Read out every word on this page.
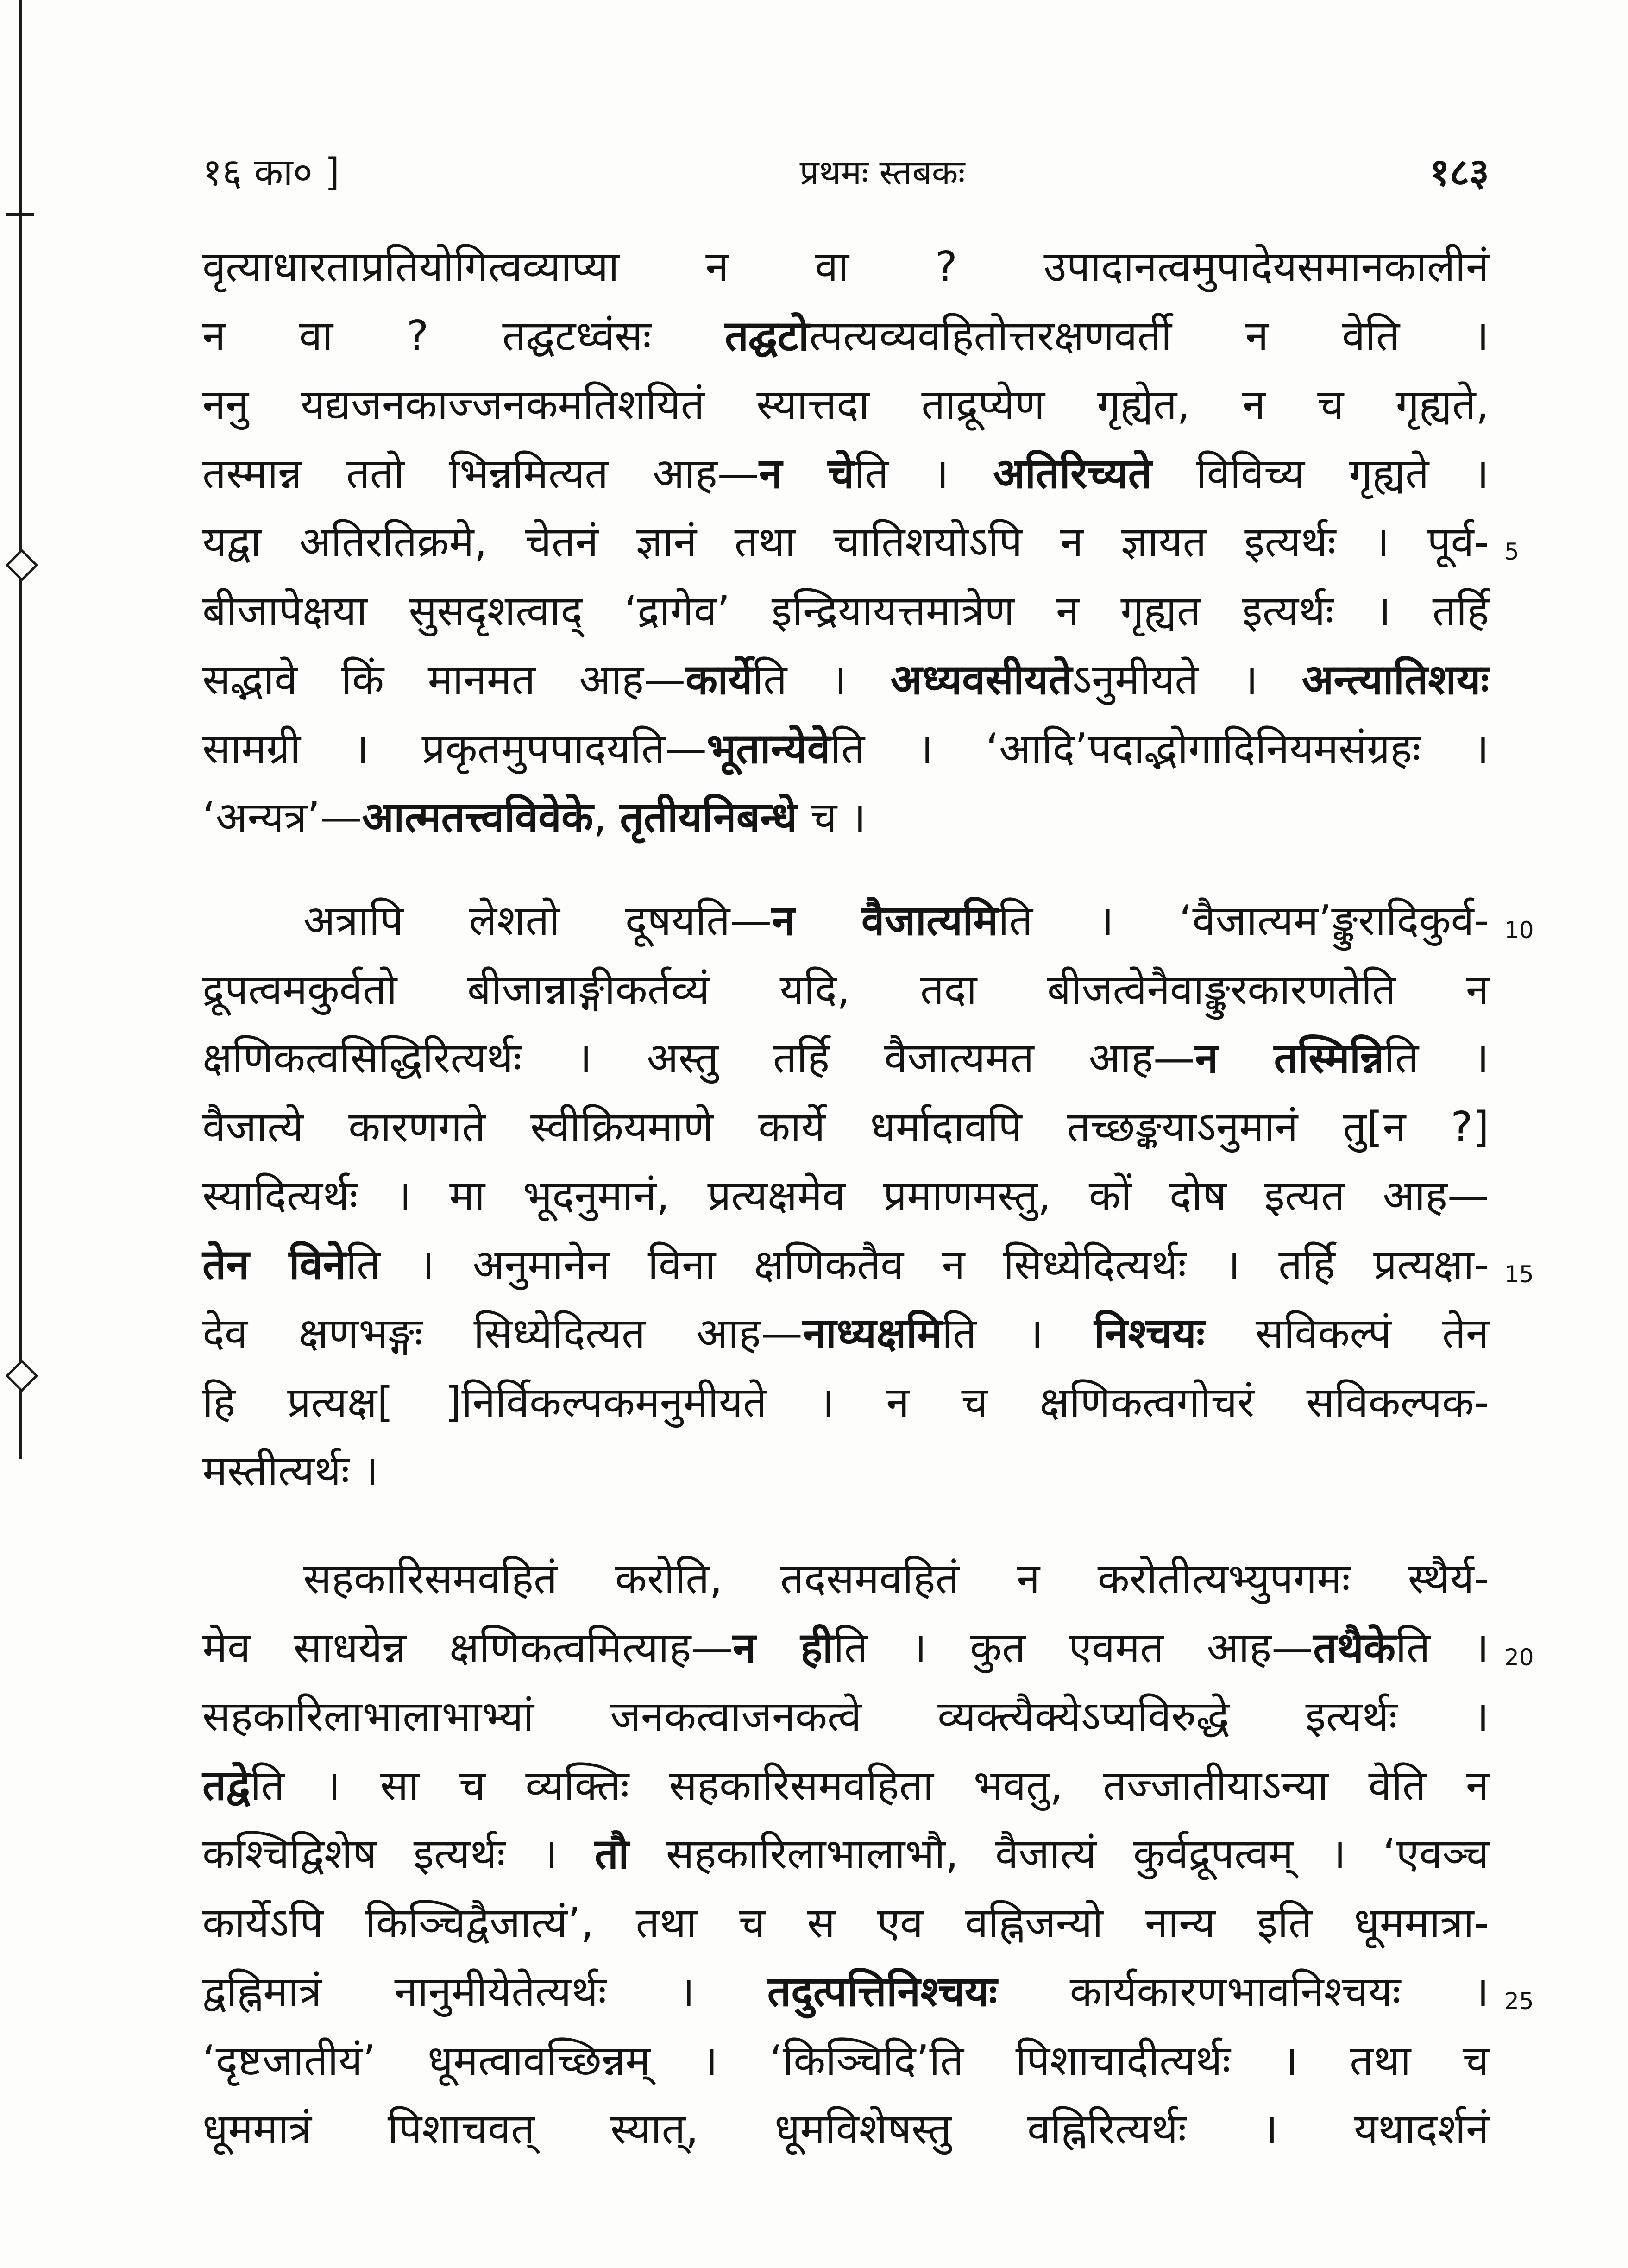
१६ का० ]	प्रथमः स्तबकः	१८३
वृत्याधारताप्रतियोगित्वव्याप्या न वा ? उपादानत्वमुपादेयसमानकालीनं
न वा ? तद्घटध्वंसः तद्घटोत्पत्यव्यवहितोत्तरक्षणवर्ती न वेति ।
ननु यद्यजनकाज्जनकमतिशयितं स्यात्तदा ताद्रूप्येण गृह्येत, न च गृह्यते,
तस्मान्न ततो भिन्नमित्यत आह—न चेति । अतिरिच्यते विविच्य गृह्यते ।
यद्वा अतिरतिक्रमे, चेतनं ज्ञानं तथा चातिशयोऽपि न ज्ञायत इत्यर्थः । पूर्व-
बीजापेक्षया सुसदृशत्वाद् ‘द्रागेव’ इन्द्रियायत्तमात्रेण न गृह्यत इत्यर्थः । तर्हि
सद्भावे किं मानमत आह—कार्येति । अध्यवसीयतेऽनुमीयते । अन्त्यातिशयः
सामग्री । प्रकृतमुपपादयति—भूतान्येवेति । ‘आदि’पदाद्भोगादिनियमसंग्रहः ।
‘अन्यत्र’—आत्मतत्त्वविवेके, तृतीयनिबन्धे च ।
5
अत्रापि लेशतो दूषयति—न वैजात्यमिति । ‘वैजात्यम’ङ्कुरादिकुर्व-
द्रूपत्वमकुर्वतो बीजान्नाङ्गीकर्तव्यं यदि, तदा बीजत्वेनैवाङ्कुरकारणतेति न
क्षणिकत्वसिद्धिरित्यर्थः । अस्तु तर्हि वैजात्यमत आह—न तस्मिन्निति ।
वैजात्ये कारणगते स्वीक्रियमाणे कार्ये धर्मादावपि तच्छङ्कयाऽनुमानं तु[न ?]
स्यादित्यर्थः । मा भूदनुमानं, प्रत्यक्षमेव प्रमाणमस्तु, कों दोष इत्यत आह—
तेन विनेति । अनुमानेन विना क्षणिकतैव न सिध्येदित्यर्थः । तर्हि प्रत्यक्षा-
देव क्षणभङ्गः सिध्येदित्यत आह—नाध्यक्षमिति । निश्चयः सविकल्पं तेन
हि प्रत्यक्ष[ ]निर्विकल्पकमनुमीयते । न च क्षणिकत्वगोचरं सविकल्पक-
मस्तीत्यर्थः ।
10
15
सहकारिसमवहितं करोति, तदसमवहितं न करोतीत्यभ्युपगमः स्थैर्य-
मेव साधयेन्न क्षणिकत्वमित्याह—न हीति । कुत एवमत आह—तथैकेति ।
सहकारिलाभालाभाभ्यां जनकत्वाजनकत्वे व्यक्त्यैक्येऽप्यविरुद्धे इत्यर्थः ।
तद्वेति । सा च व्यक्तिः सहकारिसमवहिता भवतु, तज्जातीयाऽन्या वेति न
कश्चिद्विशेष इत्यर्थः । तौ सहकारिलाभालाभौ, वैजात्यं कुर्वद्रूपत्वम् । ‘एवञ्च
कार्येऽपि किञ्चिद्वैजात्यं’, तथा च स एव वह्निजन्यो नान्य इति धूममात्रा-
द्वह्निमात्रं नानुमीयेतेत्यर्थः । तदुत्पत्तिनिश्चयः कार्यकारणभावनिश्चयः ।
‘दृष्टजातीयं’ धूमत्वावच्छिन्नम् । ‘किञ्चिदि’ति पिशाचादीत्यर्थः । तथा च
धूममात्रं पिशाचवत् स्यात्, धूमविशेषस्तु वह्निरित्यर्थः । यथादर्शनं
20
25
